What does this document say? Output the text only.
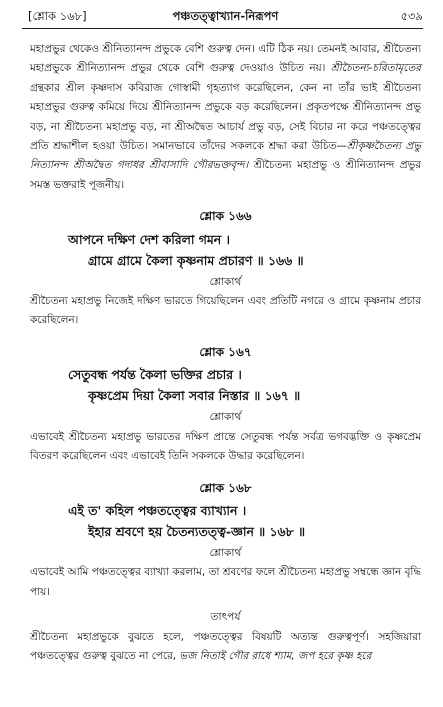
[শ্লোক ১৬৮]	পঞ্চতত্ত্বাখ্যান-নিরূপণ	৫৩৯

মহাপ্রভুর থেকেও শ্রীনিত্যানন্দ প্রভুকে বেশি গুরুত্ব দেন। এটি ঠিক নয়। তেমনই আবার, শ্রীচৈতন্য মহাপ্রভুকে শ্রীনিত্যানন্দ প্রভুর থেকে বেশি গুরুত্ব দেওয়াও উচিত নয়। শ্রীচৈতন্য-চরিতামৃতের গ্রন্থকার শ্রীল কৃষ্ণদাস কবিরাজ গোস্বামী গৃহত্যাগ করেছিলেন, কেন না তাঁর ভাই শ্রীচৈতন্য মহাপ্রভুর গুরুত্ব কমিয়ে দিয়ে শ্রীনিত্যানন্দ প্রভুকে বড় করেছিলেন। প্রকৃতপক্ষে শ্রীনিত্যানন্দ প্রভু বড়, না শ্রীচৈতন্য মহাপ্রভু বড়, না শ্রীঅদ্বৈত আচার্য প্রভু বড়, সেই বিচার না করে পঞ্চতত্ত্বের প্রতি শ্রদ্ধাশীল হওয়া উচিত। সমানভাবে তাঁদের সকলকে শ্রদ্ধা করা উচিত—শ্রীকৃষ্ণচৈতন্য প্রভু নিত্যানন্দ শ্রীঅদ্বৈত গদাধর শ্রীবাসাদি গৌরভক্তবৃন্দ। শ্রীচৈতন্য মহাপ্রভু ও শ্রীনিত্যানন্দ প্রভুর সমস্ত ভক্তরাই পূজনীয়।

শ্লোক ১৬৬
আপনে দক্ষিণ দেশ করিলা গমন ।
গ্রামে গ্রামে কৈলা কৃষ্ণনাম প্রচারণ ॥ ১৬৬ ॥
শ্লোকার্থ

শ্রীচৈতন্য মহাপ্রভু নিজেই দক্ষিণ ভারতে গিয়েছিলেন এবং প্রতিটি নগরে ও গ্রামে কৃষ্ণনাম প্রচার করেছিলেন।

শ্লোক ১৬৭
সেতুবন্ধ পর্যন্ত কৈলা ভক্তির প্রচার ।
কৃষ্ণপ্রেম দিয়া কৈলা সবার নিস্তার ॥ ১৬৭ ॥
শ্লোকার্থ

এভাবেই শ্রীচৈতন্য মহাপ্রভু ভারতের দক্ষিণ প্রান্তে সেতুবন্ধ পর্যন্ত সর্বত্র ভগবদ্ভক্তি ও কৃষ্ণপ্রেম বিতরণ করেছিলেন এবং এভাবেই তিনি সকলকে উদ্ধার করেছিলেন।

শ্লোক ১৬৮
এই ত' কহিল পঞ্চতত্ত্বের ব্যাখ্যান ।
ইহার শ্রবণে হয় চৈতন্যতত্ত্ব-জ্ঞান ॥ ১৬৮ ॥
শ্লোকার্থ

এভাবেই আমি পঞ্চতত্ত্বের ব্যাখ্যা করলাম, তা শ্রবণের ফলে শ্রীচৈতন্য মহাপ্রভু সম্বন্ধে জ্ঞান বৃদ্ধি পায়।

তাৎপর্য

শ্রীচৈতন্য মহাপ্রভুকে বুঝতে হলে, পঞ্চতত্ত্বের বিষয়টি অত্যন্ত গুরুত্বপূর্ণ। সহজিয়ারা পঞ্চতত্ত্বের গুরুত্ব বুঝতে না পেরে, ভজ নিতাই গৌর রাধে শ্যাম, জপ হরে কৃষ্ণ হরে
